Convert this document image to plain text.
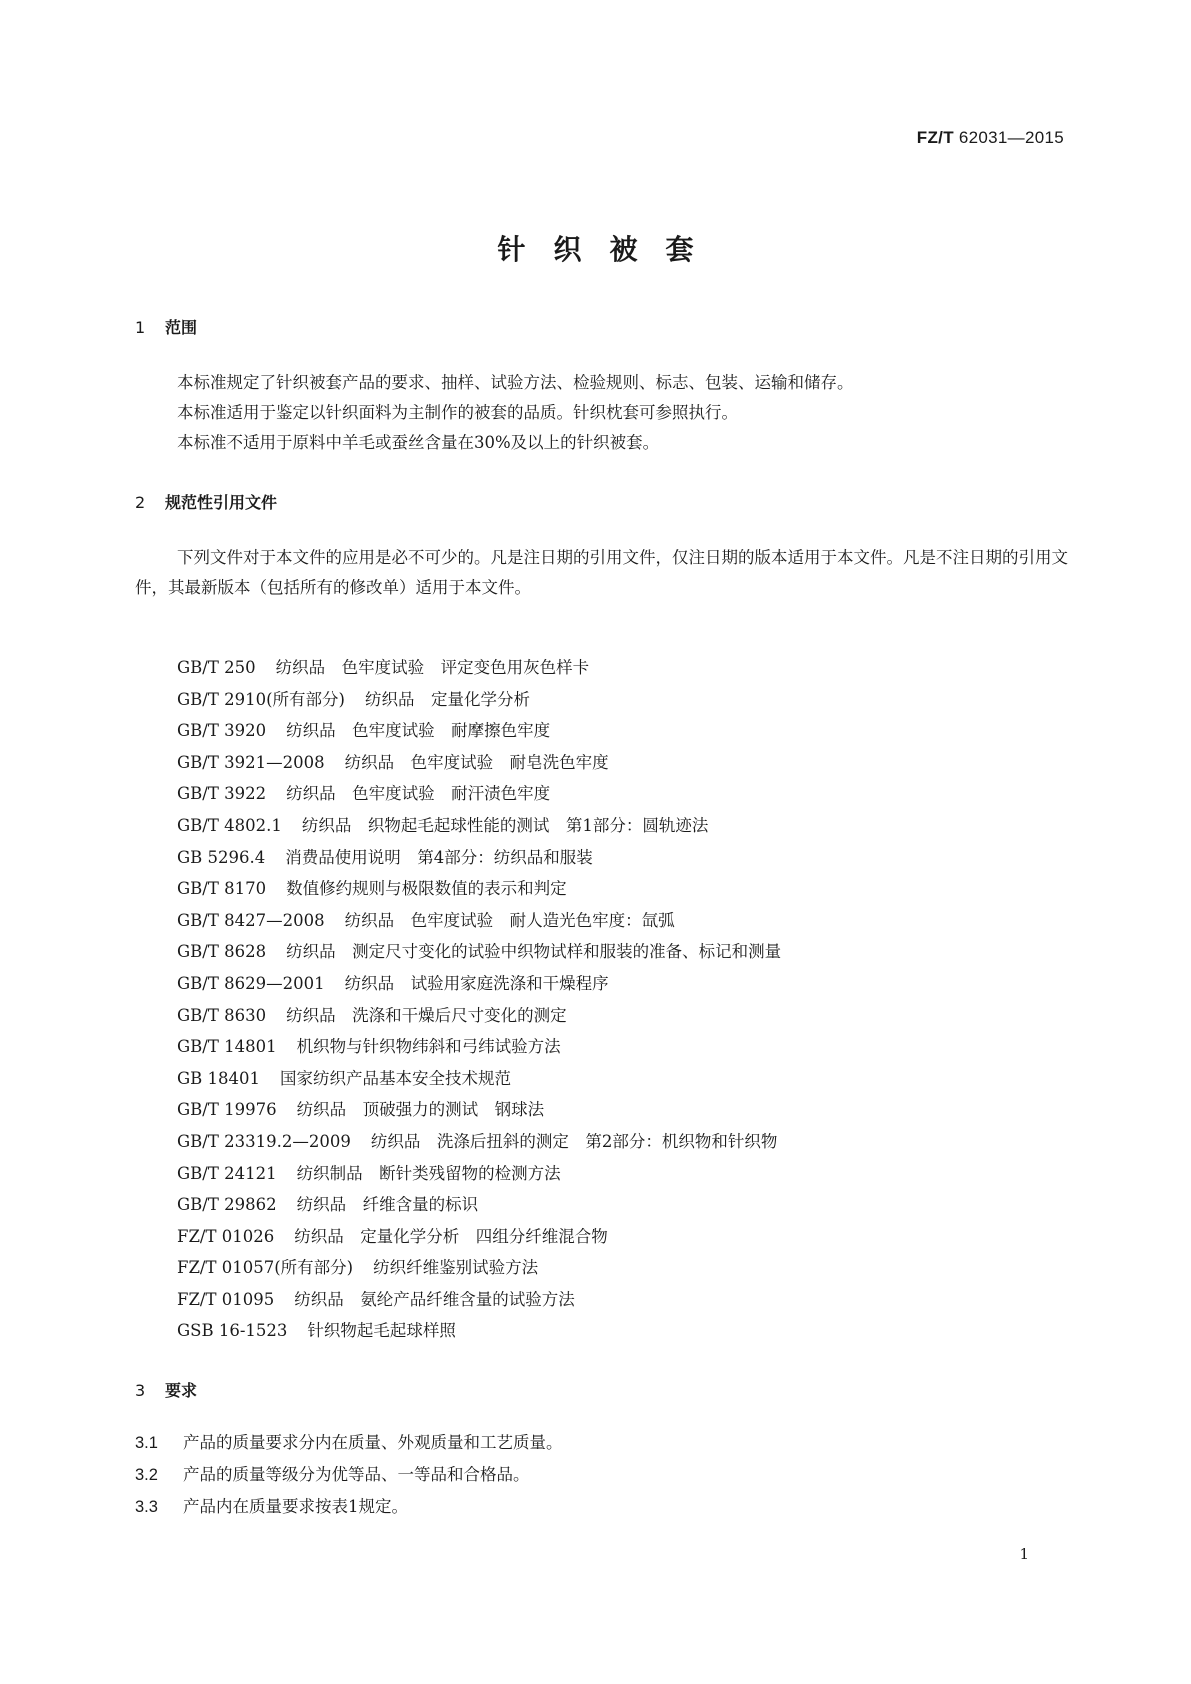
FZ/T 62031—2015
针织被套
1 范围
本标准规定了针织被套产品的要求、抽样、试验方法、检验规则、标志、包装、运输和储存。
本标准适用于鉴定以针织面料为主制作的被套的品质。针织枕套可参照执行。
本标准不适用于原料中羊毛或蚕丝含量在30%及以上的针织被套。
2 规范性引用文件
下列文件对于本文件的应用是必不可少的。凡是注日期的引用文件，仅注日期的版本适用于本文件。凡是不注日期的引用文件，其最新版本（包括所有的修改单）适用于本文件。
GB/T 250 纺织品　色牢度试验　评定变色用灰色样卡
GB/T 2910(所有部分) 纺织品　定量化学分析
GB/T 3920 纺织品　色牢度试验　耐摩擦色牢度
GB/T 3921—2008 纺织品　色牢度试验　耐皂洗色牢度
GB/T 3922 纺织品　色牢度试验　耐汗渍色牢度
GB/T 4802.1 纺织品　织物起毛起球性能的测试　第1部分：圆轨迹法
GB 5296.4 消费品使用说明　第4部分：纺织品和服装
GB/T 8170 数值修约规则与极限数值的表示和判定
GB/T 8427—2008 纺织品　色牢度试验　耐人造光色牢度：氙弧
GB/T 8628 纺织品　测定尺寸变化的试验中织物试样和服装的准备、标记和测量
GB/T 8629—2001 纺织品　试验用家庭洗涤和干燥程序
GB/T 8630 纺织品　洗涤和干燥后尺寸变化的测定
GB/T 14801 机织物与针织物纬斜和弓纬试验方法
GB 18401 国家纺织产品基本安全技术规范
GB/T 19976 纺织品　顶破强力的测试　钢球法
GB/T 23319.2—2009 纺织品　洗涤后扭斜的测定　第2部分：机织物和针织物
GB/T 24121 纺织制品　断针类残留物的检测方法
GB/T 29862 纺织品　纤维含量的标识
FZ/T 01026 纺织品　定量化学分析　四组分纤维混合物
FZ/T 01057(所有部分) 纺织纤维鉴别试验方法
FZ/T 01095 纺织品　氨纶产品纤维含量的试验方法
GSB 16-1523 针织物起毛起球样照
3 要求
3.1 产品的质量要求分内在质量、外观质量和工艺质量。
3.2 产品的质量等级分为优等品、一等品和合格品。
3.3 产品内在质量要求按表1规定。
1
